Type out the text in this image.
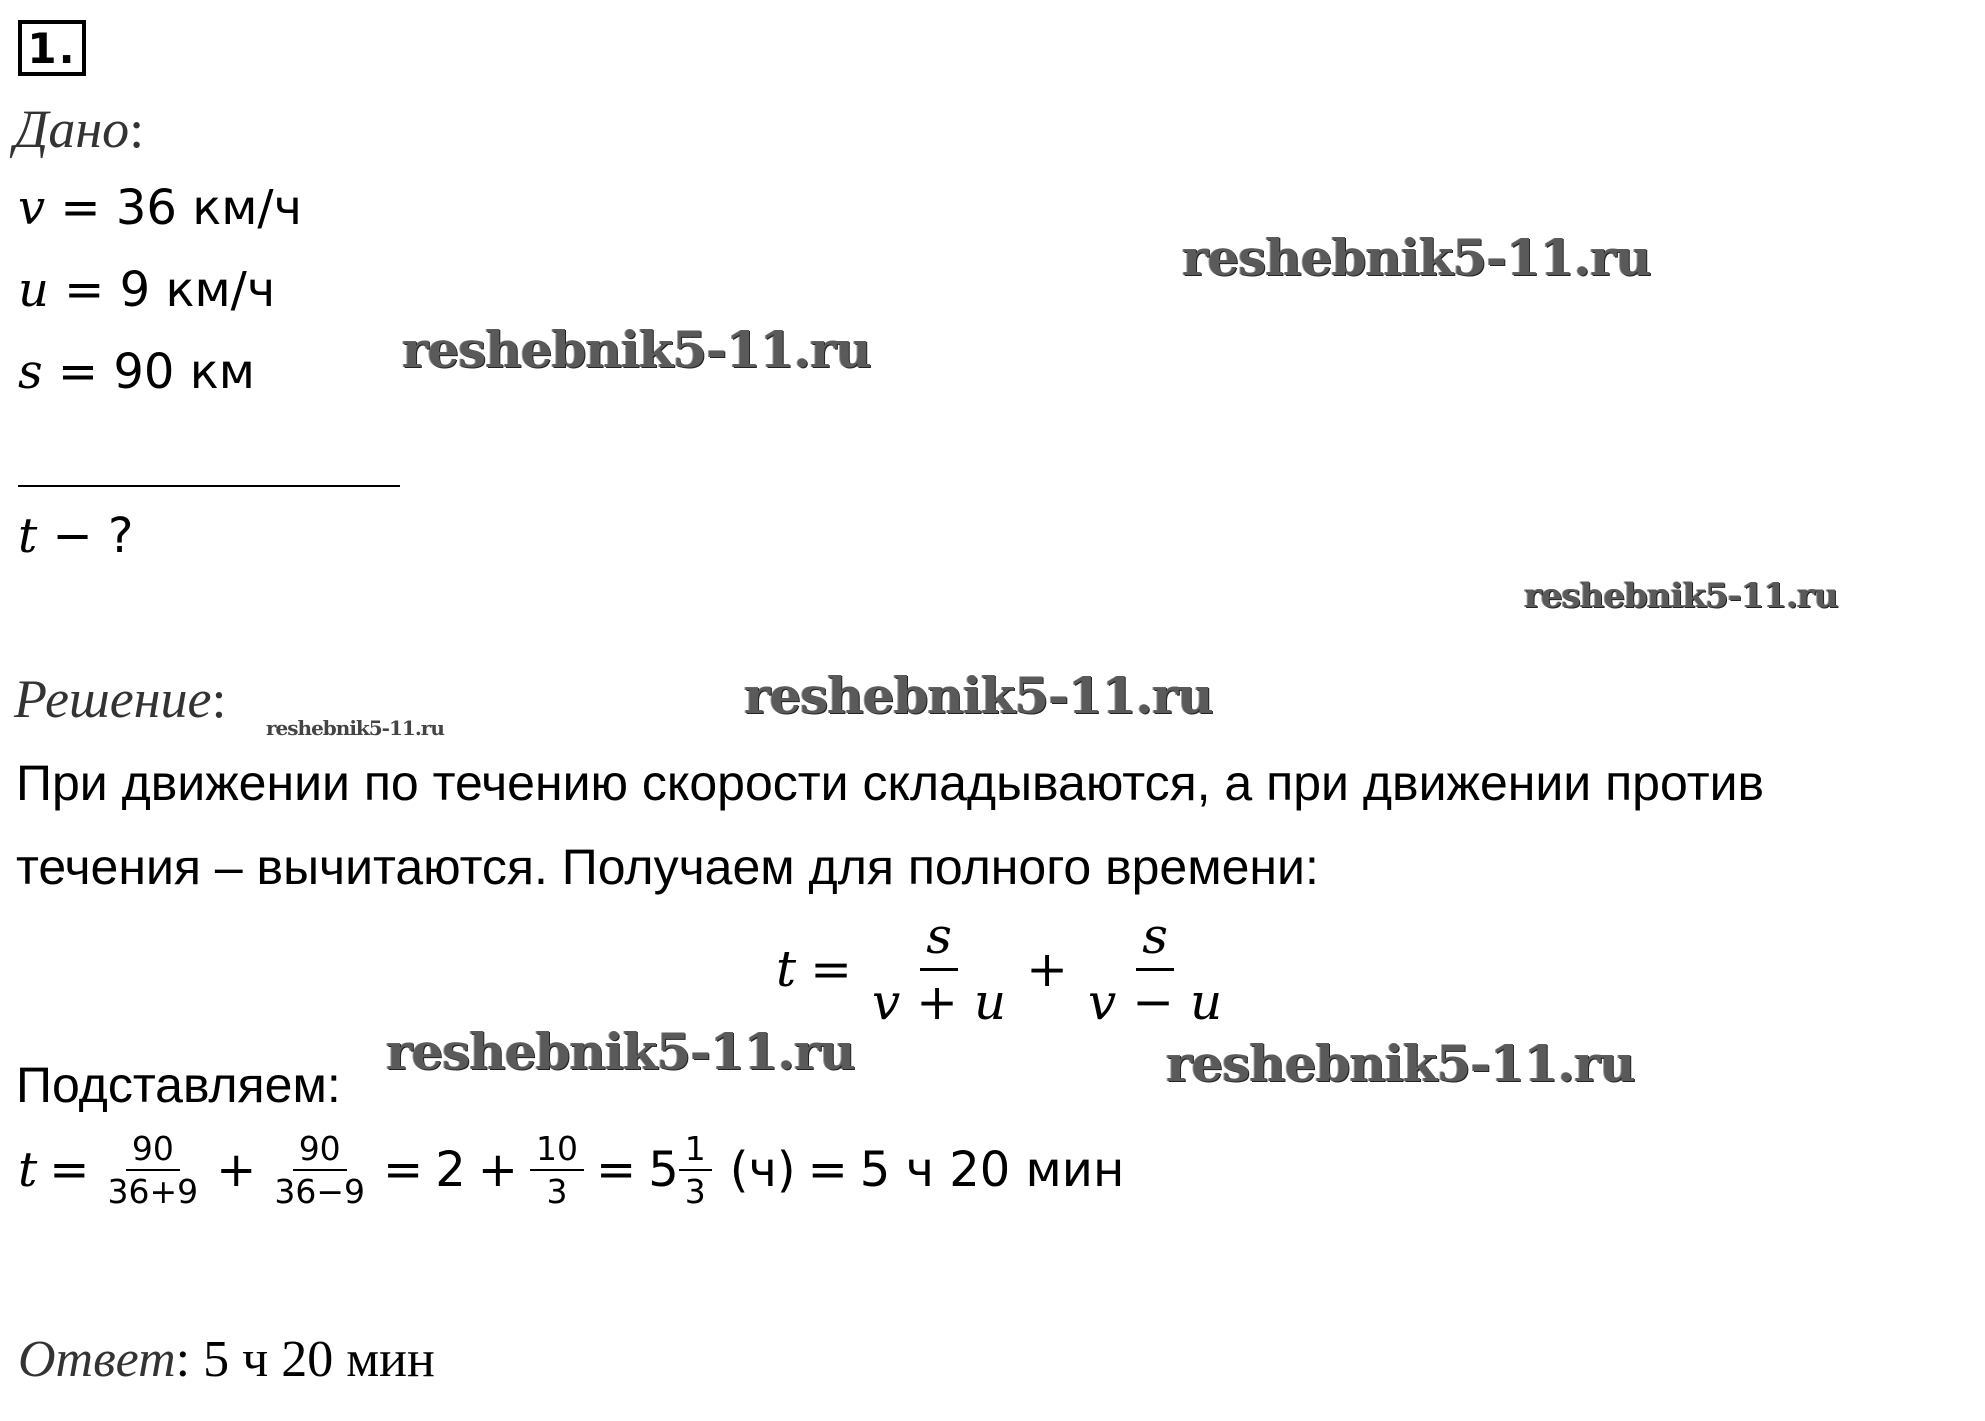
1.
Дано:
v = 36 км/ч
u = 9 км/ч
s = 90 км
t − ?
Решение:
При движении по течению скорости складываются, а при движении против
течения – вычитаются. Получаем для полного времени:
$t = \frac{s}{v + u} + \frac{s}{v - u}$
Подставляем:
$t = \frac{90}{36+9} + \frac{90}{36-9} = 2 + \frac{10}{3} = 5 \frac{1}{3} (ч) = 5$ ч 20 мин
Ответ: 5 ч 20 мин
reshebnik5-11.ru
reshebnik5-11.ru
reshebnik5-11.ru
reshebnik5-11.ru
reshebnik5-11.ru
reshebnik5-11.ru	reshebnik5-11.ru
